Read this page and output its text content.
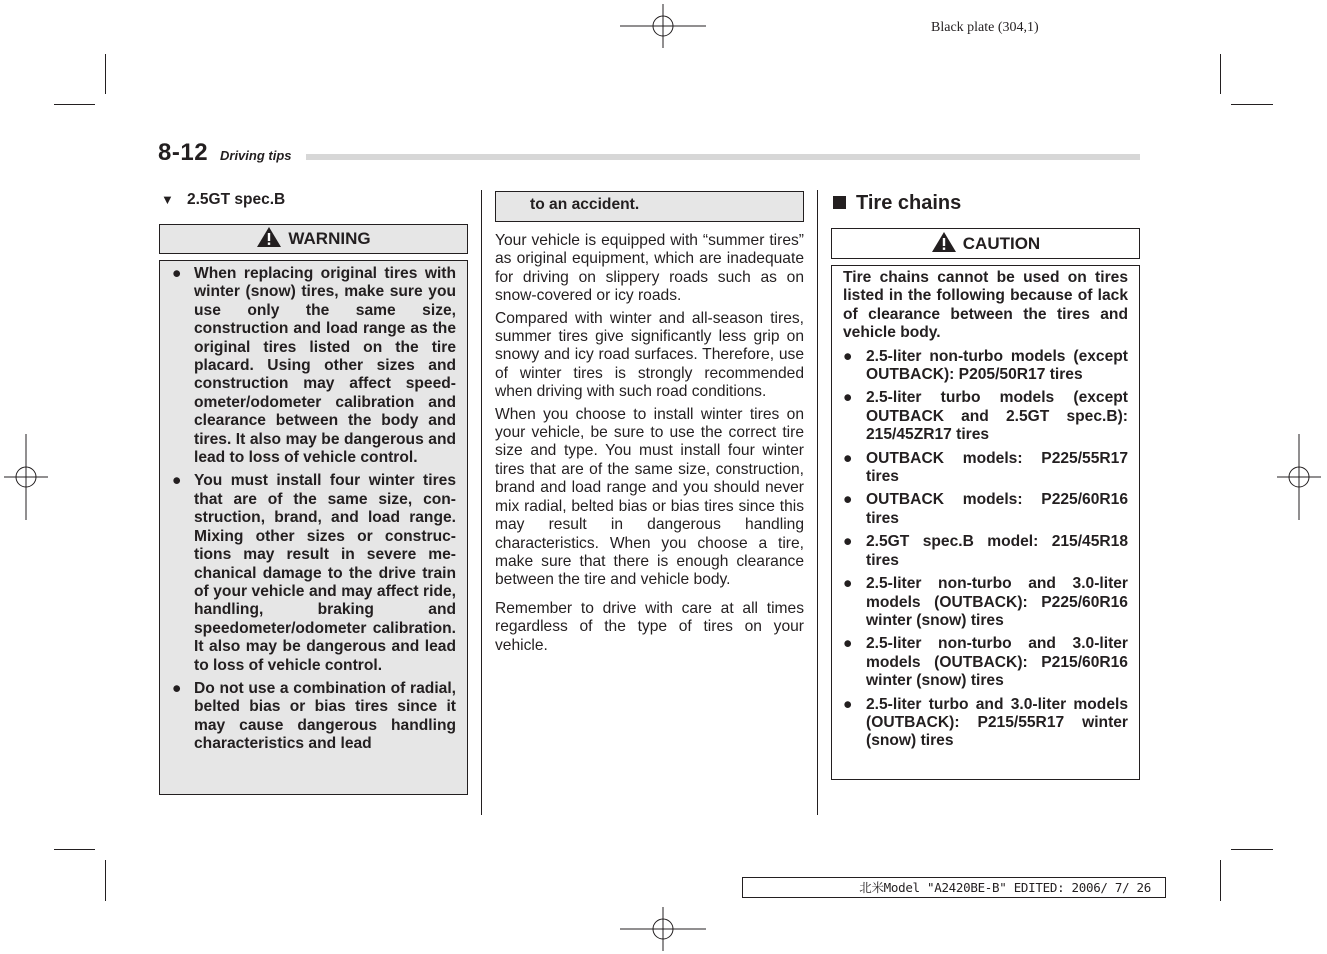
Black plate (304,1)
8-12 Driving tips
▼ 2.5GT spec.B
WARNING
● When replacing original tires with winter (snow) tires, make sure you use only the same size, construction and load range as the original tires listed on the tire placard. Using other sizes and construction may affect speedometer/odometer calibration and clearance between the body and tires. It also may be dangerous and lead to loss of vehicle control.
● You must install four winter tires that are of the same size, construction, brand, and load range. Mixing other sizes or constructions may result in severe mechanical damage to the drive train of your vehicle and may affect ride, handling, braking and speedometer/odometer calibration. It also may be dangerous and lead to loss of vehicle control.
● Do not use a combination of radial, belted bias or bias tires since it may cause dangerous handling characteristics and lead
to an accident.

Your vehicle is equipped with “summer tires” as original equipment, which are inadequate for driving on slippery roads such as on snow-covered or icy roads.

Compared with winter and all-season tires, summer tires give significantly less grip on snowy and icy road surfaces. Therefore, use of winter tires is strongly recommended when driving with such road conditions.

When you choose to install winter tires on your vehicle, be sure to use the correct tire size and type. You must install four winter tires that are of the same size, construction, brand and load range and you should never mix radial, belted bias or bias tires since this may result in dangerous handling characteristics. When you choose a tire, make sure that there is enough clearance between the tire and vehicle body.

Remember to drive with care at all times regardless of the type of tires on your vehicle.

Tire chains
CAUTION

Tire chains cannot be used on tires listed in the following because of lack of clearance between the tires and vehicle body.

● 2.5-liter non-turbo models (except OUTBACK): P205/50R17 tires
● 2.5-liter turbo models (except OUTBACK and 2.5GT spec.B): 215/45ZR17 tires
● OUTBACK models: P225/55R17 tires
● OUTBACK models: P225/60R16 tires
● 2.5GT spec.B model: 215/45R18 tires
● 2.5-liter non-turbo and 3.0-liter models (OUTBACK): P225/60R16 winter (snow) tires
● 2.5-liter non-turbo and 3.0-liter models (OUTBACK): P215/60R16 winter (snow) tires
● 2.5-liter turbo and 3.0-liter models (OUTBACK): P215/55R17 winter (snow) tires
北米Model "A2420BE-B" EDITED: 2006/ 7/ 26
